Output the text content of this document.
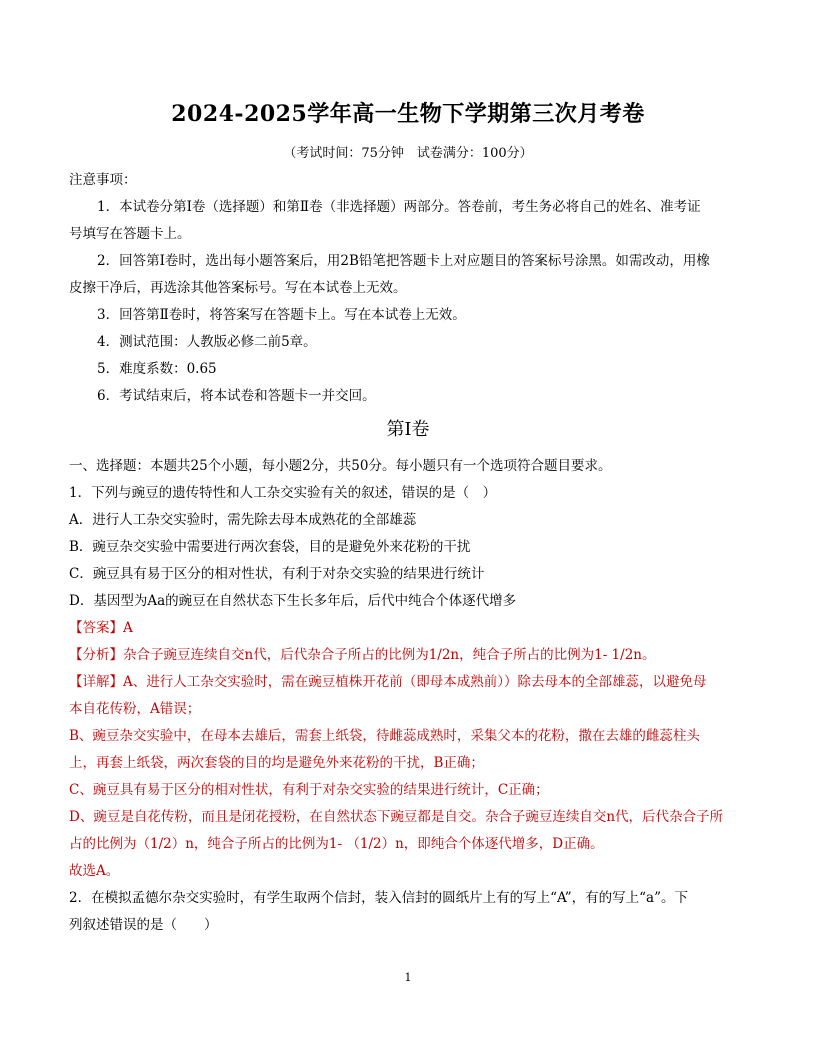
2024-2025学年高一生物下学期第三次月考卷
（考试时间：75分钟　试卷满分：100分）
注意事项：
1．本试卷分第Ⅰ卷（选择题）和第Ⅱ卷（非选择题）两部分。答卷前，考生务必将自己的姓名、准考证
号填写在答题卡上。
2．回答第Ⅰ卷时，选出每小题答案后，用2B铅笔把答题卡上对应题目的答案标号涂黑。如需改动，用橡
皮擦干净后，再选涂其他答案标号。写在本试卷上无效。
3．回答第Ⅱ卷时，将答案写在答题卡上。写在本试卷上无效。
4．测试范围：人教版必修二前5章。
5．难度系数：0.65
6．考试结束后，将本试卷和答题卡一并交回。
第Ⅰ卷
一、选择题：本题共25个小题，每小题2分，共50分。每小题只有一个选项符合题目要求。
1．下列与豌豆的遗传特性和人工杂交实验有关的叙述，错误的是（　）
A．进行人工杂交实验时，需先除去母本成熟花的全部雄蕊
B．豌豆杂交实验中需要进行两次套袋，目的是避免外来花粉的干扰
C．豌豆具有易于区分的相对性状，有利于对杂交实验的结果进行统计
D．基因型为Aa的豌豆在自然状态下生长多年后，后代中纯合个体逐代增多
【答案】A
【分析】杂合子豌豆连续自交n代，后代杂合子所占的比例为1/2n，纯合子所占的比例为1- 1/2n。
【详解】A、进行人工杂交实验时，需在豌豆植株开花前（即母本成熟前））除去母本的全部雄蕊，以避免母
本自花传粉，A错误；
B、豌豆杂交实验中，在母本去雄后，需套上纸袋，待雌蕊成熟时，采集父本的花粉，撒在去雄的雌蕊柱头
上，再套上纸袋，两次套袋的目的均是避免外来花粉的干扰，B正确；
C、豌豆具有易于区分的相对性状，有利于对杂交实验的结果进行统计，C正确；
D、豌豆是自花传粉，而且是闭花授粉，在自然状态下豌豆都是自交。杂合子豌豆连续自交n代，后代杂合子所
占的比例为（1/2）n，纯合子所占的比例为1- （1/2）n，即纯合个体逐代增多，D正确。
故选A。
2．在模拟孟德尔杂交实验时，有学生取两个信封，装入信封的圆纸片上有的写上“A”，有的写上“a”。下
列叙述错误的是（　　）
1
